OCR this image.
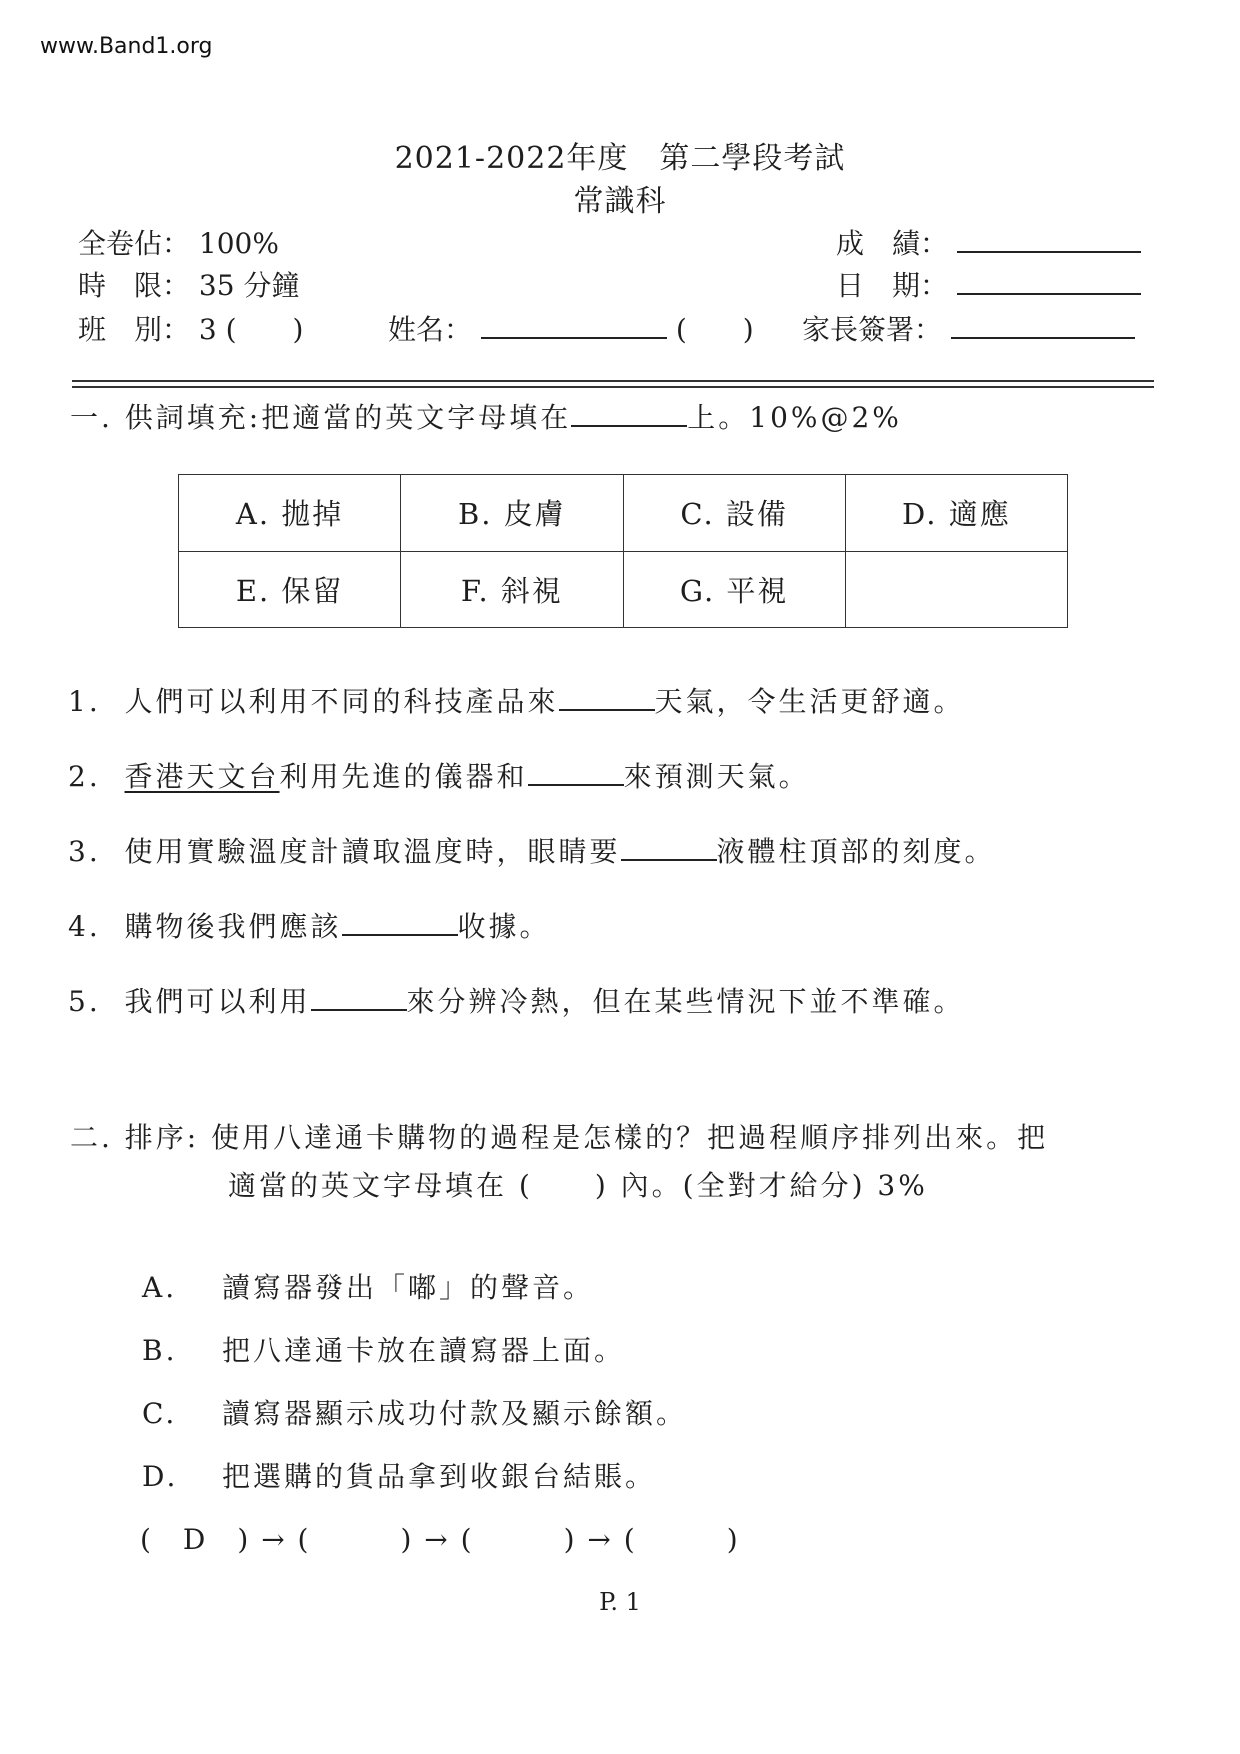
www.Band1.org
2021-2022年度　第二學段考試
常識科
全卷佔： 100%
時　限： 35 分鐘
班　別： 3 (　　)	姓名：	(　　)
成　績：
日　期：
家長簽署：
一. 供詞填充:把適當的英文字母填在	上。10%@2%
A. 拋掉	B. 皮膚	C. 設備	D. 適應
E. 保留	F. 斜視	G. 平視	
1. 人們可以利用不同的科技產品來	天氣，令生活更舒適。
2. 香港天文台利用先進的儀器和	來預測天氣。
3. 使用實驗溫度計讀取溫度時，眼睛要	液體柱頂部的刻度。
4. 購物後我們應該	收據。
5. 我們可以利用	來分辨冷熱，但在某些情況下並不準確。
二. 排序: 使用八達通卡購物的過程是怎樣的？把過程順序排列出來。把
適當的英文字母填在 (　　) 內。(全對才給分) 3%
A. 讀寫器發出「嘟」的聲音。
B. 把八達通卡放在讀寫器上面。
C. 讀寫器顯示成功付款及顯示餘額。
D. 把選購的貨品拿到收銀台結賬。
(　D　) → (　　　) → (　　　) → (　　　)
P. 1
